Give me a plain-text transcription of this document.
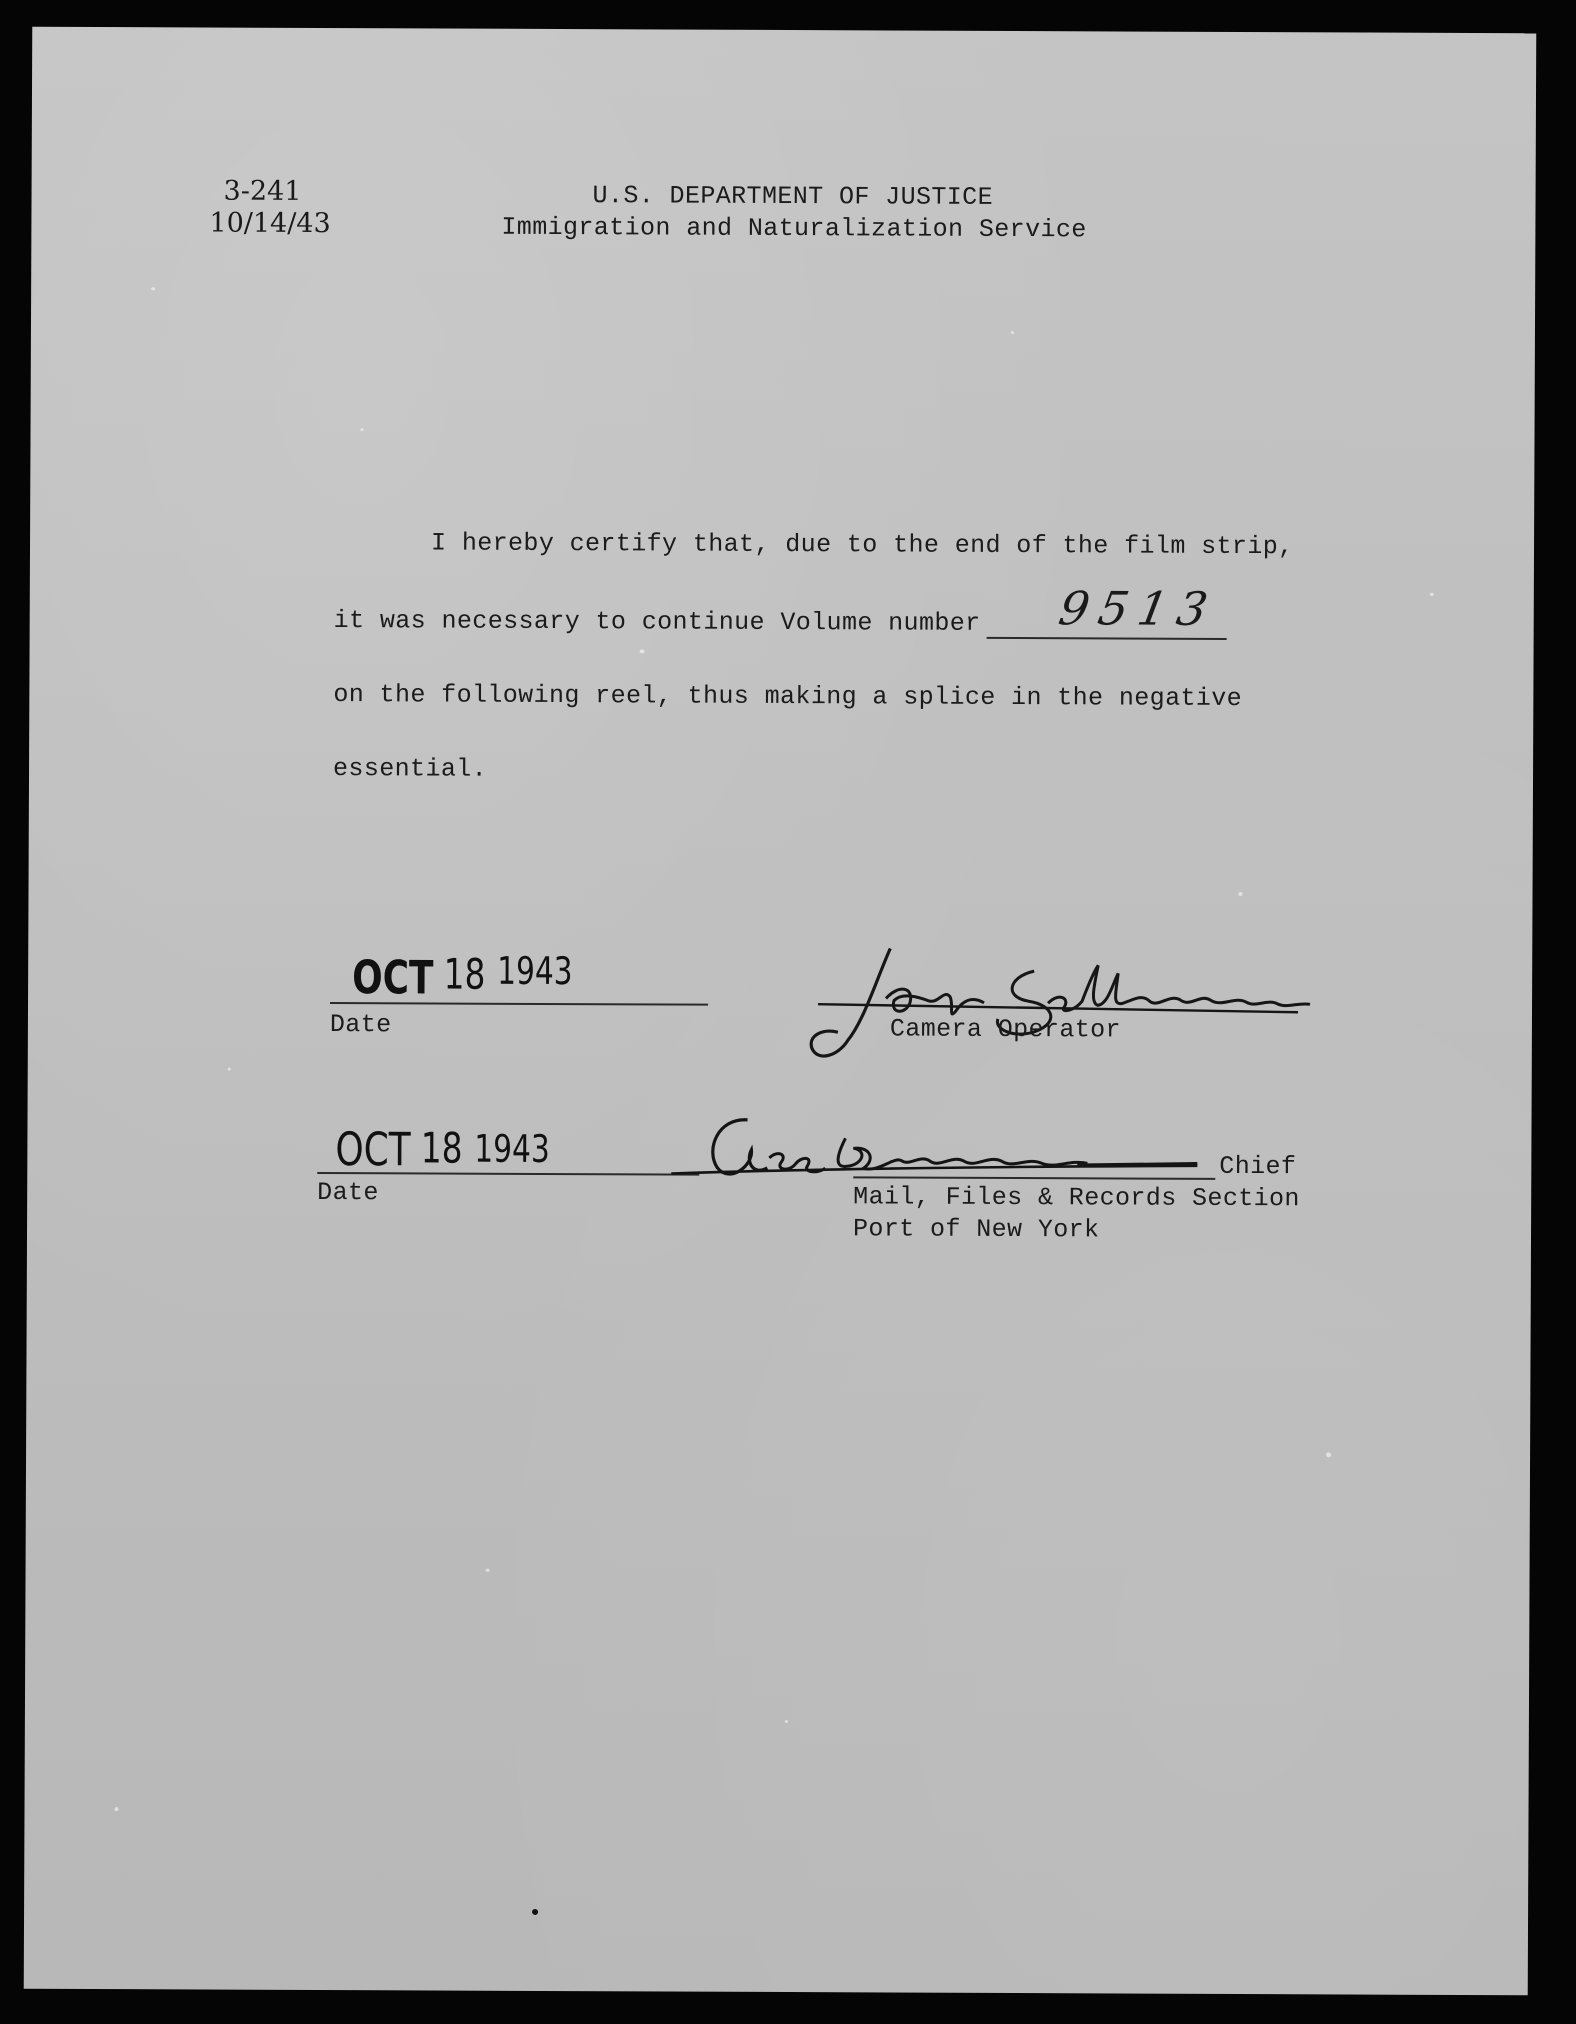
3-241
10/14/43
U.S. DEPARTMENT OF JUSTICE
Immigration and Naturalization Service
I hereby certify that, due to the end of the film strip,
it was necessary to continue Volume number 9513
on the following reel, thus making a splice in the negative
essential.
OCT 18 1943
Date	Camera Operator
OCT 18 1943
Date
Chief
Mail, Files & Records Section
Port of New York
